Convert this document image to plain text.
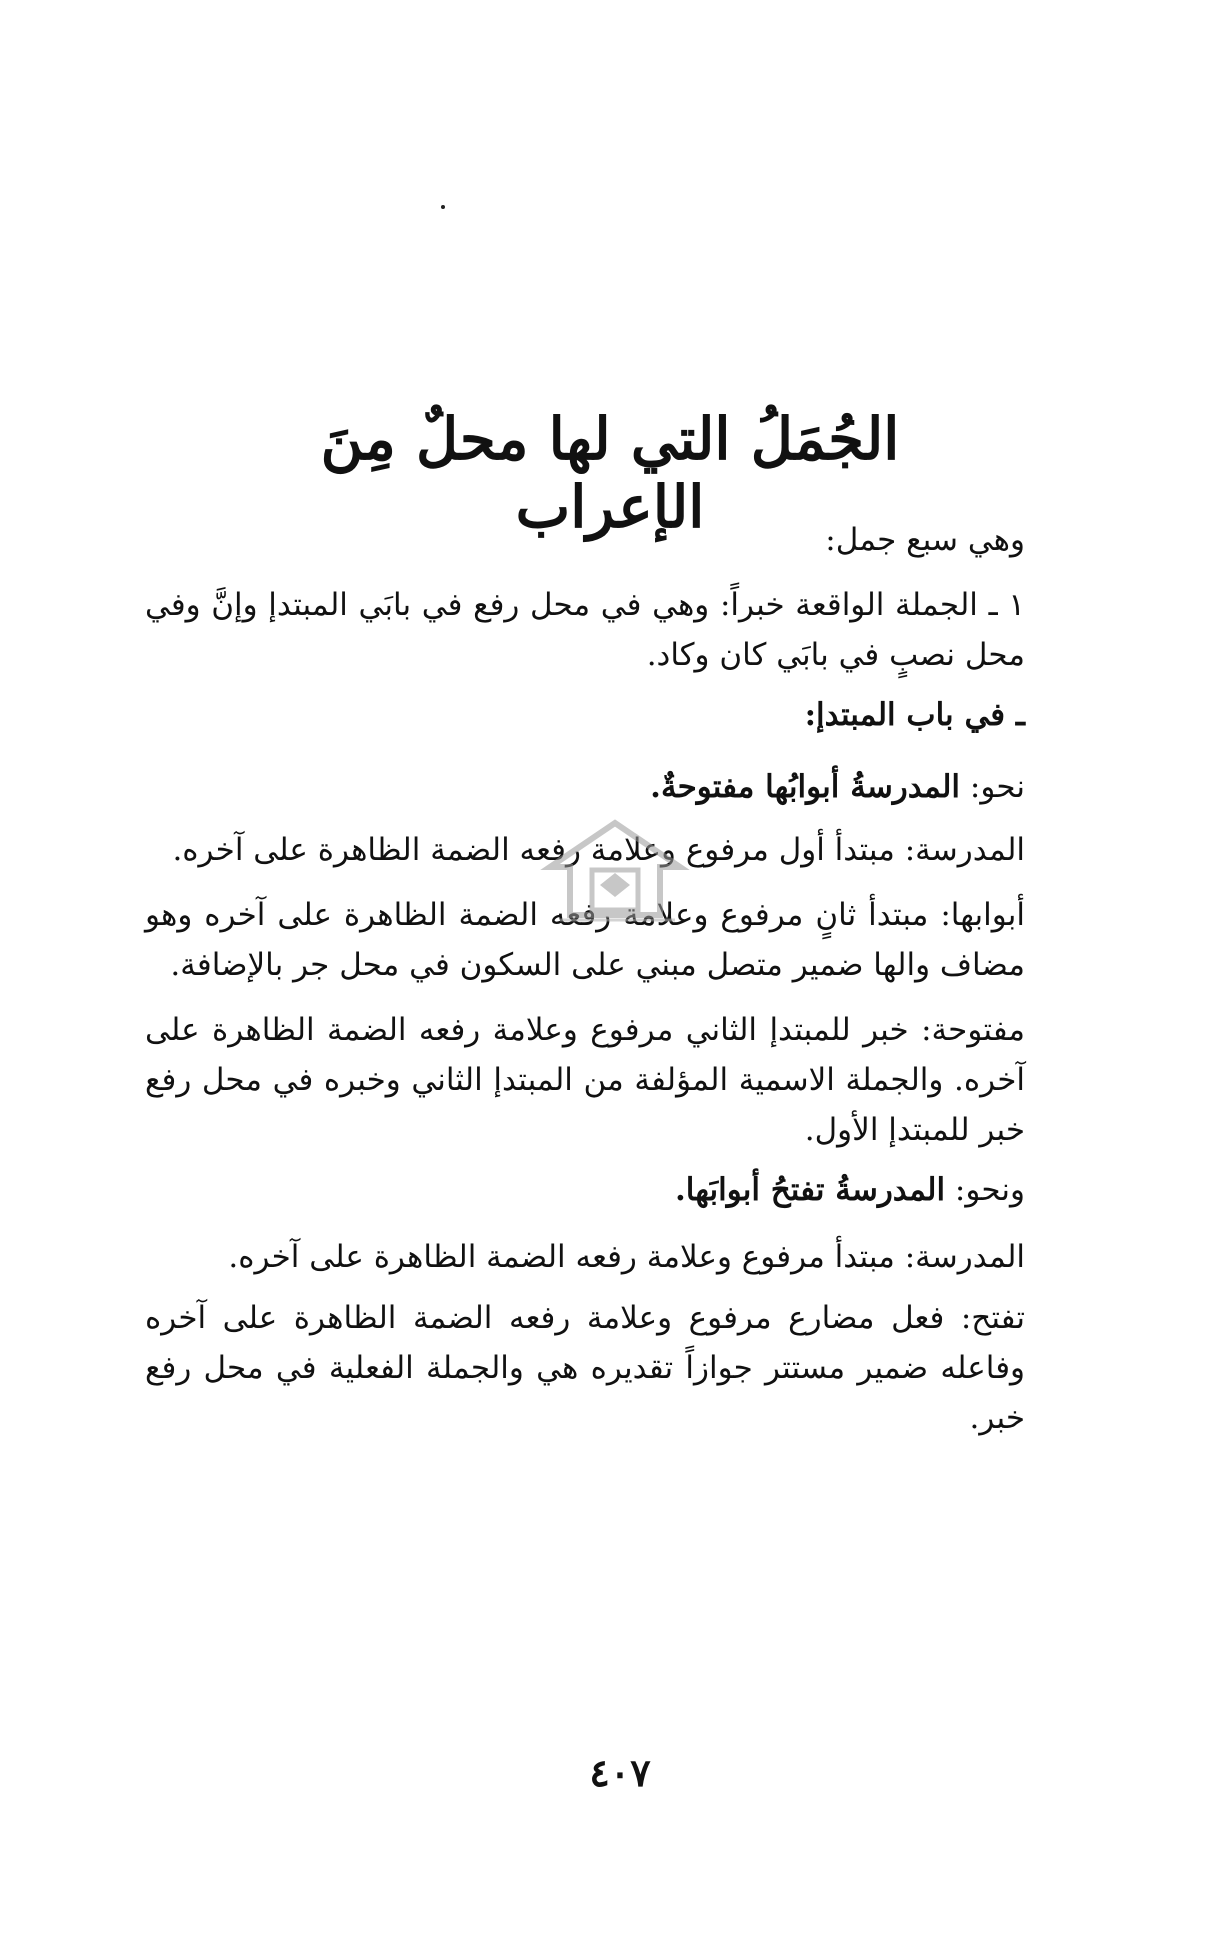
الجُمَلُ التي لها محلٌ مِنَ الإعراب	وهي سبع جمل:
١ ـ الجملة الواقعة خبراً: وهي في محل رفع في بابَي المبتدإ وإنَّ وفي محل نصبٍ في بابَي كان وكاد.
ـ في باب المبتدإ:
نحو: المدرسةُ أبوابُها مفتوحةٌ.
المدرسة: مبتدأ أول مرفوع وعلامة رفعه الضمة الظاهرة على آخره.
أبوابها: مبتدأ ثانٍ مرفوع وعلامة رفعه الضمة الظاهرة على آخره وهو مضاف والها ضمير متصل مبني على السكون في محل جر بالإضافة.
مفتوحة: خبر للمبتدإ الثاني مرفوع وعلامة رفعه الضمة الظاهرة على آخره. والجملة الاسمية المؤلفة من المبتدإ الثاني وخبره في محل رفع خبر للمبتدإ الأول.
ونحو: المدرسةُ تفتحُ أبوابَها.
المدرسة: مبتدأ مرفوع وعلامة رفعه الضمة الظاهرة على آخره.
تفتح: فعل مضارع مرفوع وعلامة رفعه الضمة الظاهرة على آخره وفاعله ضمير مستتر جوازاً تقديره هي والجملة الفعلية في محل رفع خبر.
٤٠٧
